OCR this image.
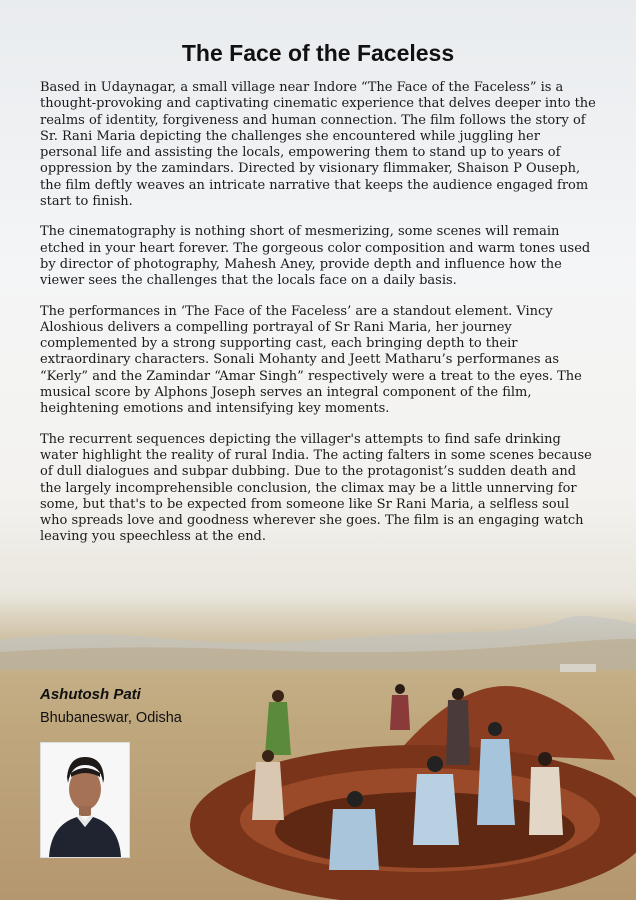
The Face of the Faceless

Based in Udaynagar, a small village near Indore “The Face of the Faceless” is a thought-provoking and captivating cinematic experience that delves deeper into the realms of identity, forgiveness and human connection. The film follows the story of Sr. Rani Maria depicting the challenges she encountered while juggling her personal life and assisting the locals, empowering them to stand up to years of oppression by the zamindars. Directed by visionary flimmaker, Shaison P Ouseph, the film deftly weaves an intricate narrative that keeps the audience engaged from start to finish.

The cinematography is nothing short of mesmerizing, some scenes will remain etched in your heart forever. The gorgeous color composition and warm tones used by director of photography, Mahesh Aney, provide depth and influence how the viewer sees the challenges that the locals face on a daily basis.

The performances in ‘The Face of the Faceless’ are a standout element. Vincy Aloshious delivers a compelling portrayal of Sr Rani Maria, her journey complemented by a strong supporting cast, each bringing depth to their extraordinary characters. Sonali Mohanty and Jeett Matharu’s performanes as “Kerly” and the Zamindar “Amar Singh” respectively were a treat to the eyes. The musical score by Alphons Joseph serves an integral component of the film, heightening emotions and intensifying key moments.

The recurrent sequences depicting the villager's attempts to find safe drinking water highlight the reality of rural India. The acting falters in some scenes because of dull dialogues and subpar dubbing. Due to the protagonist’s sudden death and the largely incomprehensible conclusion, the climax may be a little unnerving for some, but that's to be expected from someone like Sr Rani Maria, a selfless soul who spreads love and goodness wherever she goes. The film is an engaging watch leaving you speechless at the end.

Ashutosh Pati
Bhubaneswar, Odisha
